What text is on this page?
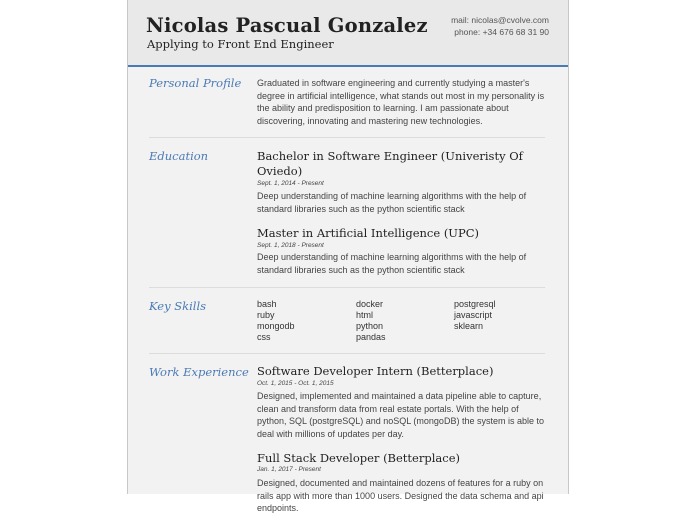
Nicolas Pascual Gonzalez
Applying to Front End Engineer
mail: nicolas@cvolve.com
phone: +34 676 68 31 90
Personal Profile Graduated in software engineering and currently studying a master's degree in artificial intelligence, what stands out most in my personality is the ability and predisposition to learning. I am passionate about discovering, innovating and mastering new technologies.

Education	Bachelor in Software Engineer (Univeristy Of Oviedo)

Sept. 1, 2014 - Present

Deep understanding of machine learning algorithms with the help of standard libraries such as the python scientific stack

Master in Artificial Intelligence (UPC)

Sept. 1, 2018 - Present

Deep understanding of machine learning algorithms with the help of standard libraries such as the python scientific stack

Key Skills	bash	docker	postgresql
ruby	html	javascript
mongodb	python	sklearn
css	pandas
Work Experience Software Developer Intern (Betterplace)

Oct. 1, 2015 - Oct. 1, 2015

Designed, implemented and maintained a data pipeline able to capture, clean and transform data from real estate portals. With the help of python, SQL (postgreSQL) and noSQL (mongoDB) the system is able to deal with millions of updates per day.

Full Stack Developer (Betterplace)

Jan. 1, 2017 - Present

Designed, documented and maintained dozens of features for a ruby on rails app with more than 1000 users. Designed the data schema and api endpoints.
